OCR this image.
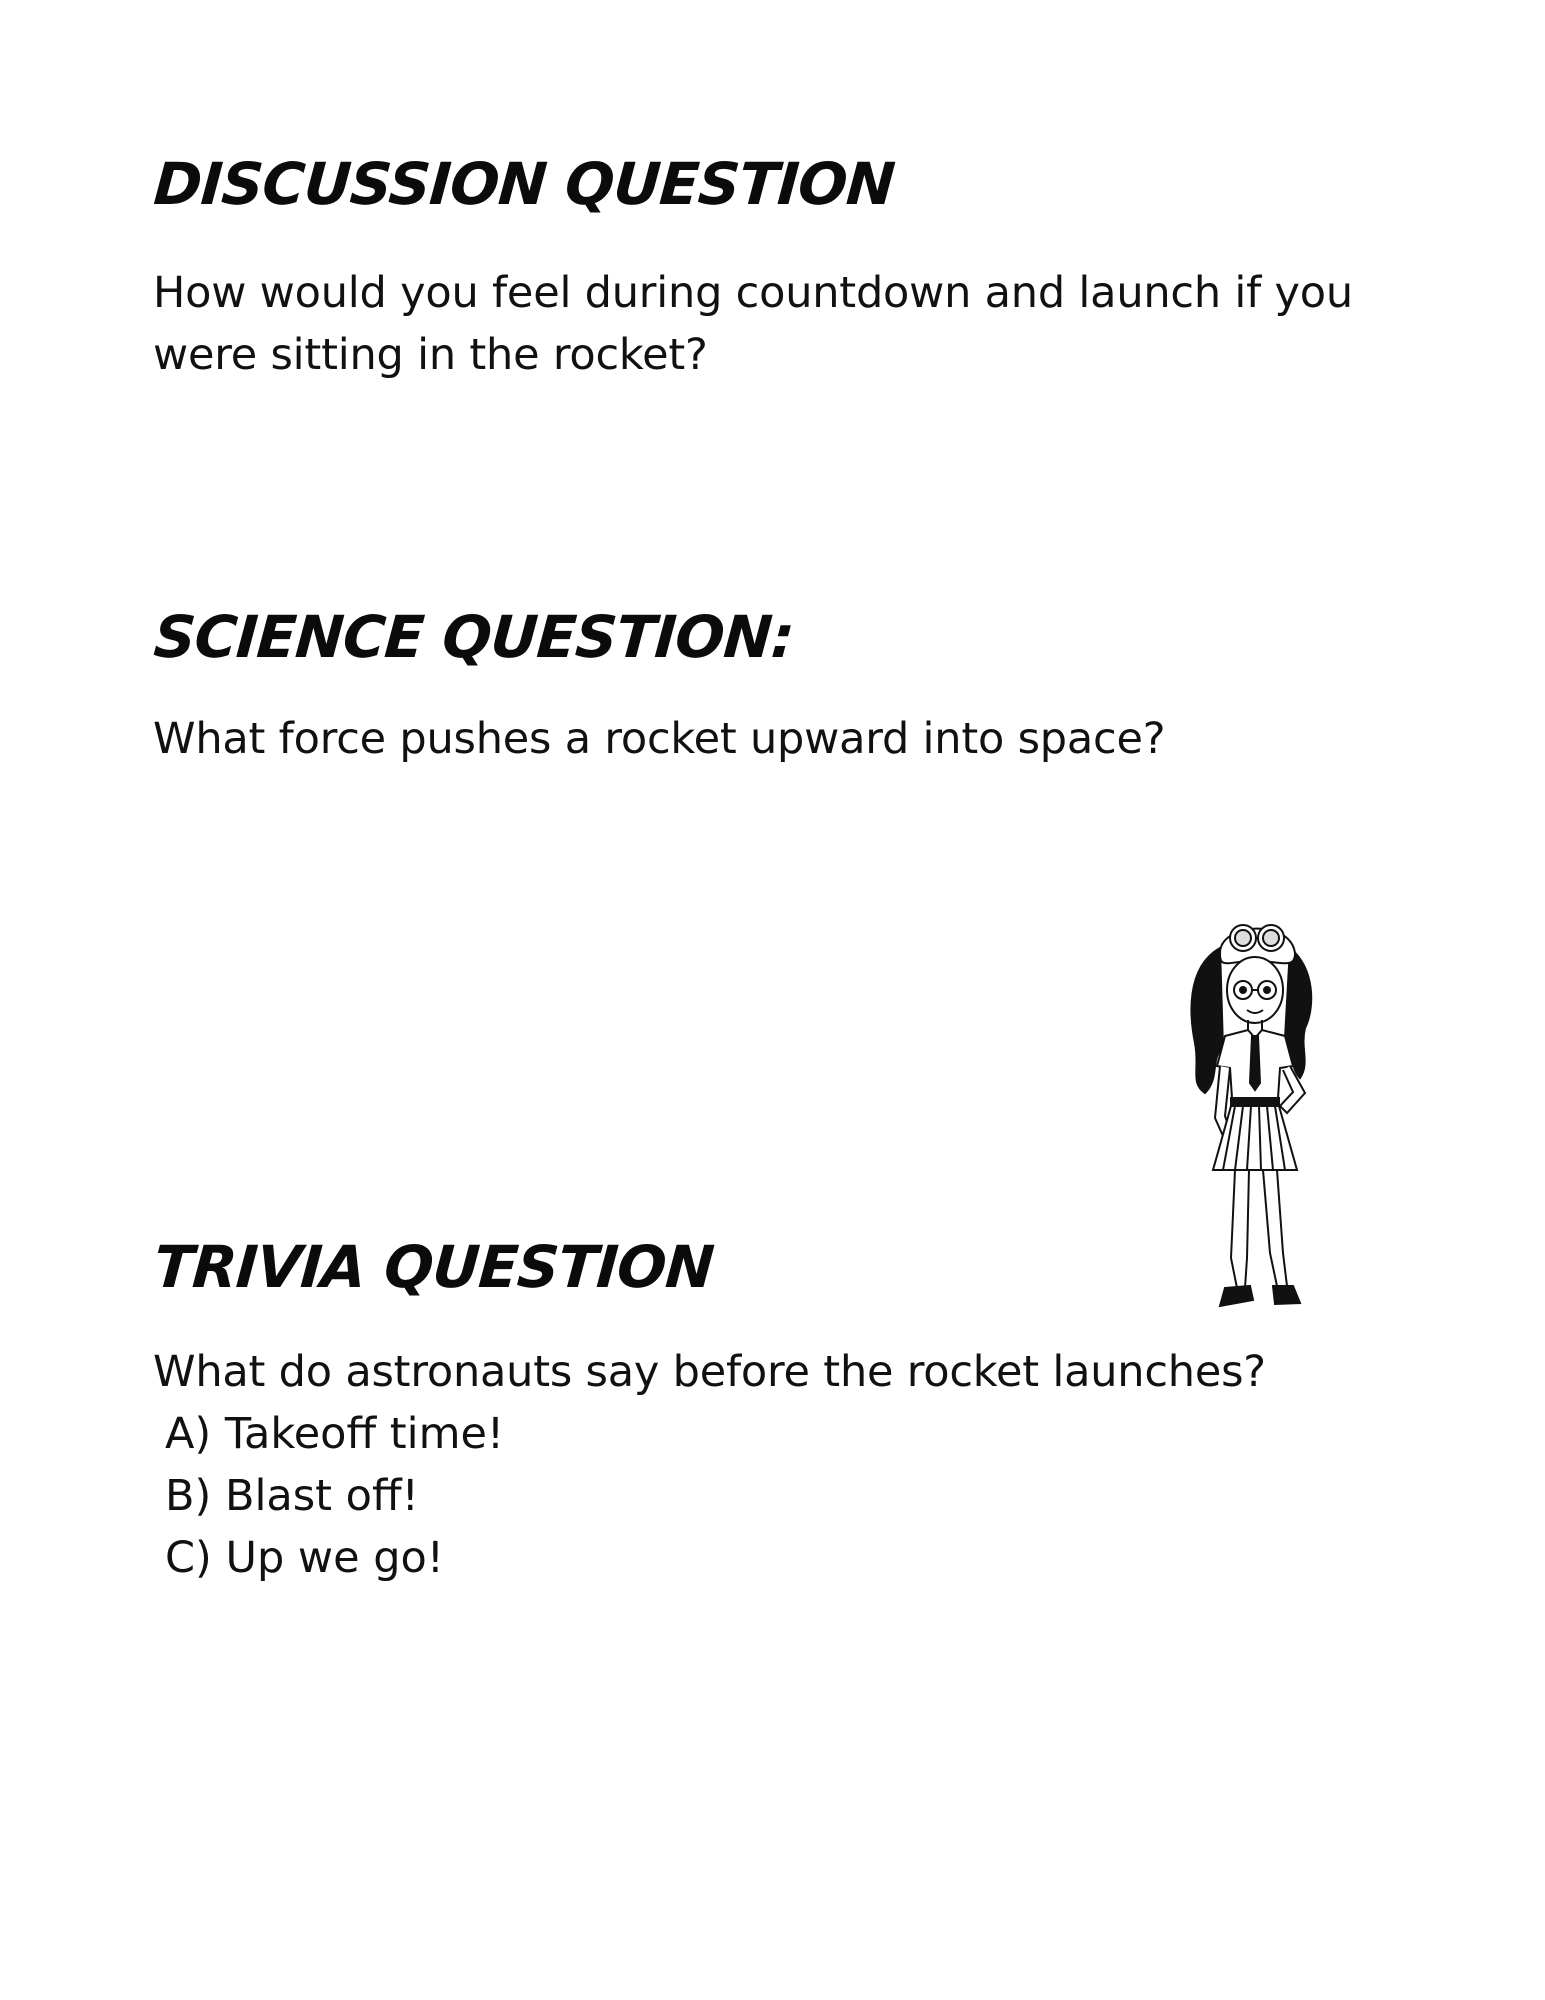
DISCUSSION QUESTION

How would you feel during countdown and launch if you were sitting in the rocket?

SCIENCE QUESTION:

What force pushes a rocket upward into space?

TRIVIA QUESTION

What do astronauts say before the rocket launches?

A) Takeoff time!
B) Blast off!
C) Up we go!
